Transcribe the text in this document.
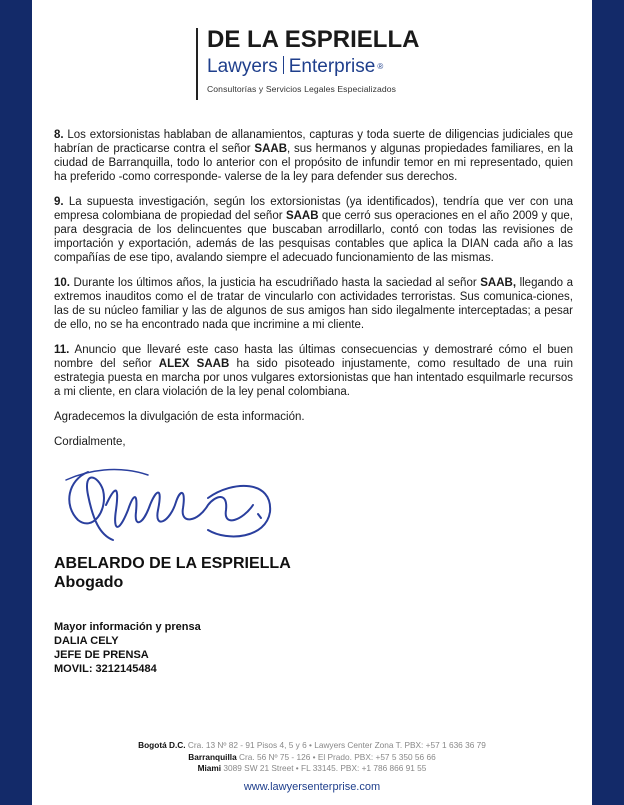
DE LA ESPRIELLA
Lawyers Enterprise ®
Consultorías y Servicios Legales Especializados
8. Los extorsionistas hablaban de allanamientos, capturas y toda suerte de diligencias judiciales que habrían de practicarse contra el señor SAAB, sus hermanos y algunas propiedades familiares, en la ciudad de Barranquilla, todo lo anterior con el propósito de infundir temor en mi representado, quien ha preferido -como corresponde- valerse de la ley para defender sus derechos.
9. La supuesta investigación, según los extorsionistas (ya identificados), tendría que ver con una empresa colombiana de propiedad del señor SAAB que cerró sus operaciones en el año 2009 y que, para desgracia de los delincuentes que buscaban arrodillarlo, contó con todas las revisiones de importación y exportación, además de las pesquisas contables que aplica la DIAN cada año a las compañías de ese tipo, avalando siempre el adecuado funcionamiento de las mismas.
10. Durante los últimos años, la justicia ha escudriñado hasta la saciedad al señor SAAB, llegando a extremos inauditos como el de tratar de vincularlo con actividades terroristas. Sus comunica-ciones, las de su núcleo familiar y las de algunos de sus amigos han sido ilegalmente interceptadas; a pesar de ello, no se ha encontrado nada que incrimine a mi cliente.
11. Anuncio que llevaré este caso hasta las últimas consecuencias y demostraré cómo el buen nombre del señor ALEX SAAB ha sido pisoteado injustamente, como resultado de una ruin estrategia puesta en marcha por unos vulgares extorsionistas que han intentado esquilmarle recursos a mi cliente, en clara violación de la ley penal colombiana.
Agradecemos la divulgación de esta información.
Cordialmente,
ABELARDO DE LA ESPRIELLA
Abogado
Mayor información y prensa
DALIA CELY
JEFE DE PRENSA
MOVIL: 3212145484
Bogotá D.C. Cra. 13 Nº 82 - 91 Pisos 4, 5 y 6 • Lawyers Center Zona T. PBX: +57 1 636 36 79
Barranquilla Cra. 56 Nº 75 - 126 • El Prado. PBX: +57 5 350 56 66
Miami 3089 SW 21 Street • FL 33145. PBX: +1 786 866 91 55
www.lawyersenterprise.com
